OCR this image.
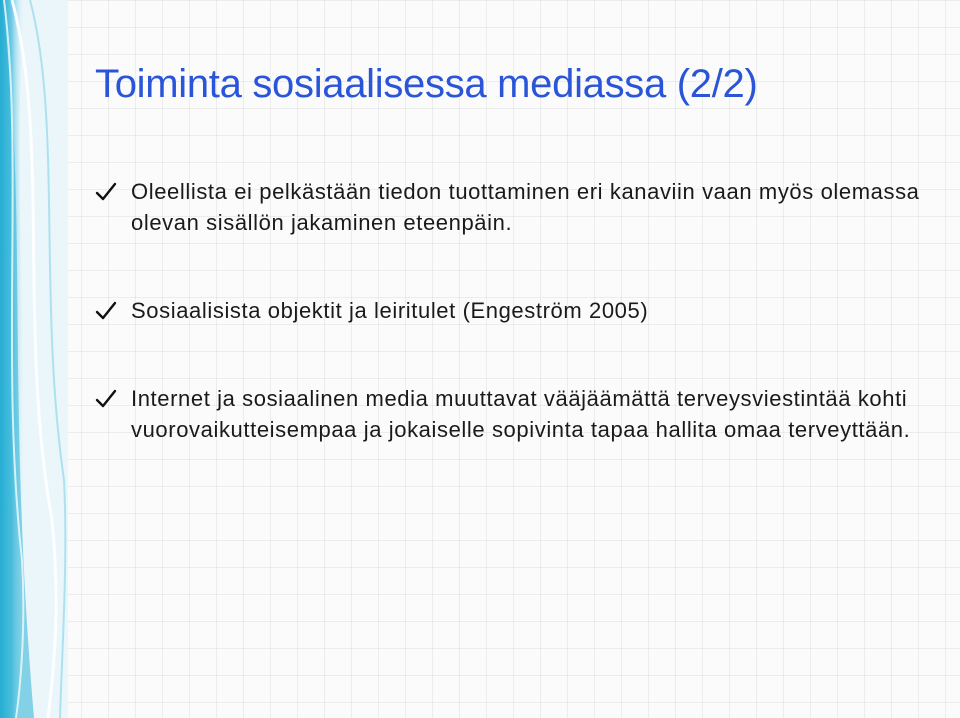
Toiminta sosiaalisessa mediassa (2/2)
Oleellista ei pelkästään tiedon tuottaminen eri kanaviin vaan myös olemassa olevan sisällön jakaminen eteenpäin.
Sosiaalisista objektit ja leiritulet (Engeström 2005)
Internet ja sosiaalinen media muuttavat vääjäämättä terveysviestintää kohti vuorovaikutteisempaa ja jokaiselle sopivinta tapaa hallita omaa terveyttään.
